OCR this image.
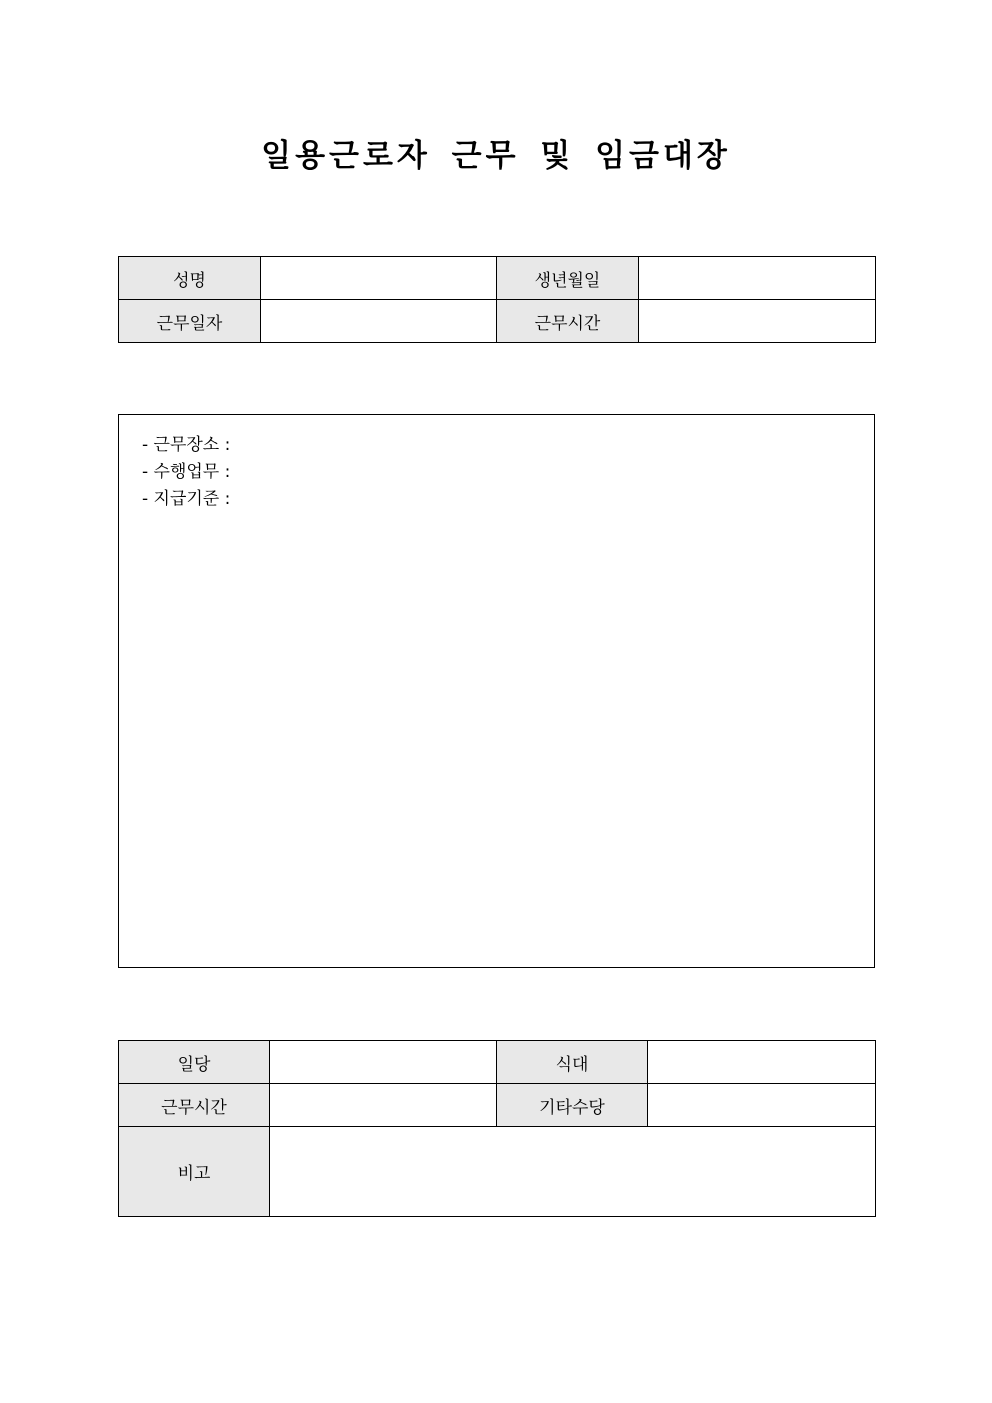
일용근로자 근무 및 임금대장
성명		생년월일	
근무일자		근무시간	
- 근무장소 :
- 수행업무 :
- 지급기준 :
일당		식대	
근무시간		기타수당	
비고			
